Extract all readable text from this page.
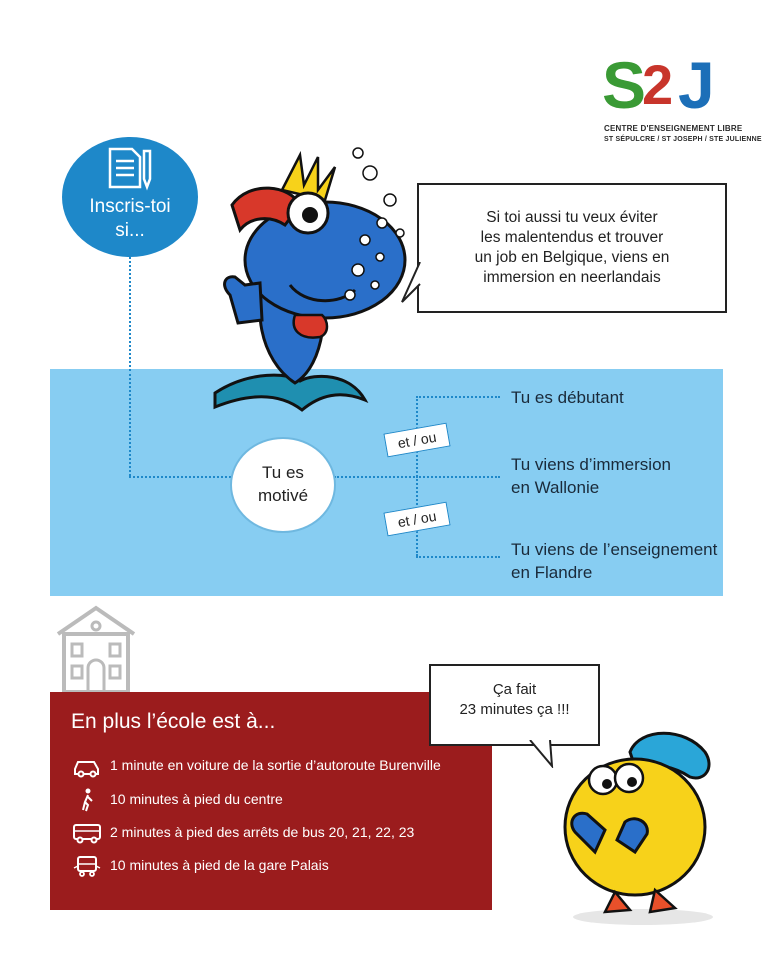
S
2 J
CENTRE D'ENSEIGNEMENT LIBRE
ST SÉPULCRE / ST JOSEPH / STE JULIENNE
Inscris-toi si...
Tu es
motivé
et / ou
et / ou
Tu es débutant
Tu viens d’immersion
en Wallonie
Tu viens de l’enseignement
en Flandre
Si toi aussi tu veux éviter
les malentendus et trouver
un job en Belgique, viens en
immersion en neerlandais
En plus l’école est à...
1 minute en voiture de la sortie d’autoroute Burenville
10 minutes à pied du centre
2 minutes à pied des arrêts de bus 20, 21, 22, 23
10 minutes à pied de la gare Palais
Ça fait
23 minutes ça !!!
